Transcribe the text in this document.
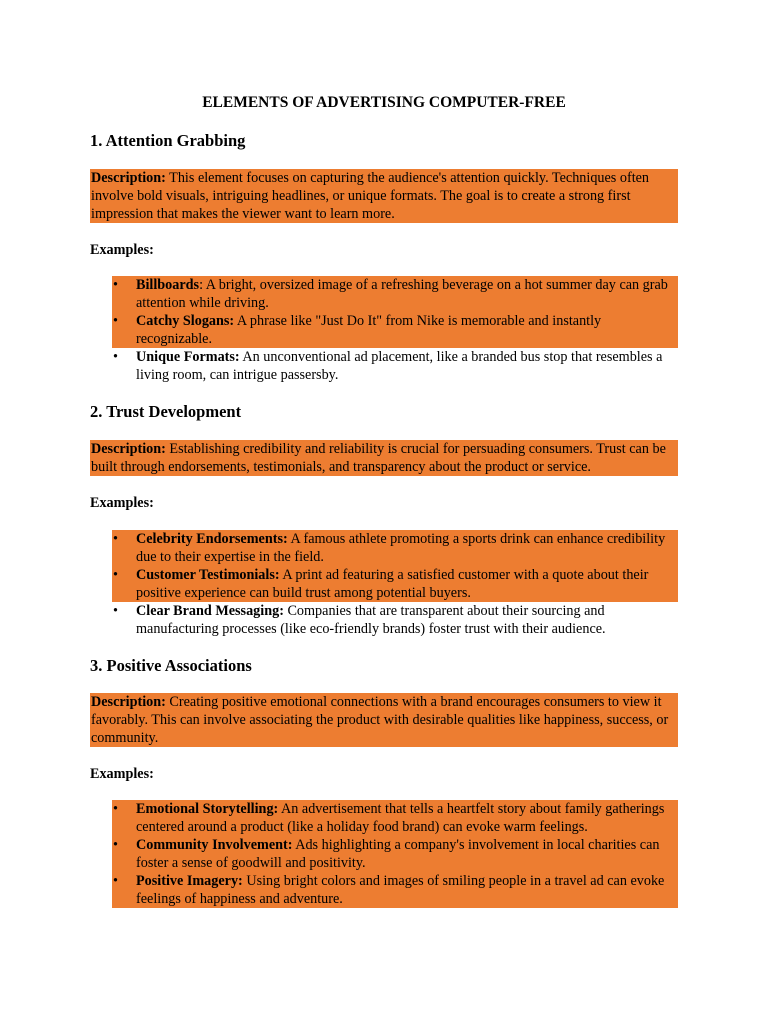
ELEMENTS OF ADVERTISING COMPUTER-FREE
1. Attention Grabbing
Description: This element focuses on capturing the audience's attention quickly. Techniques often involve bold visuals, intriguing headlines, or unique formats. The goal is to create a strong first impression that makes the viewer want to learn more.
Examples:
• Billboards: A bright, oversized image of a refreshing beverage on a hot summer day can grab attention while driving.
• Catchy Slogans: A phrase like "Just Do It" from Nike is memorable and instantly recognizable.
• Unique Formats: An unconventional ad placement, like a branded bus stop that resembles a living room, can intrigue passersby.
2. Trust Development
Description: Establishing credibility and reliability is crucial for persuading consumers. Trust can be built through endorsements, testimonials, and transparency about the product or service.
Examples:
• Celebrity Endorsements: A famous athlete promoting a sports drink can enhance credibility due to their expertise in the field.
• Customer Testimonials: A print ad featuring a satisfied customer with a quote about their positive experience can build trust among potential buyers.
• Clear Brand Messaging: Companies that are transparent about their sourcing and manufacturing processes (like eco-friendly brands) foster trust with their audience.
3. Positive Associations
Description: Creating positive emotional connections with a brand encourages consumers to view it favorably. This can involve associating the product with desirable qualities like happiness, success, or community.
Examples:
• Emotional Storytelling: An advertisement that tells a heartfelt story about family gatherings centered around a product (like a holiday food brand) can evoke warm feelings.
• Community Involvement: Ads highlighting a company's involvement in local charities can foster a sense of goodwill and positivity.
• Positive Imagery: Using bright colors and images of smiling people in a travel ad can evoke feelings of happiness and adventure.
